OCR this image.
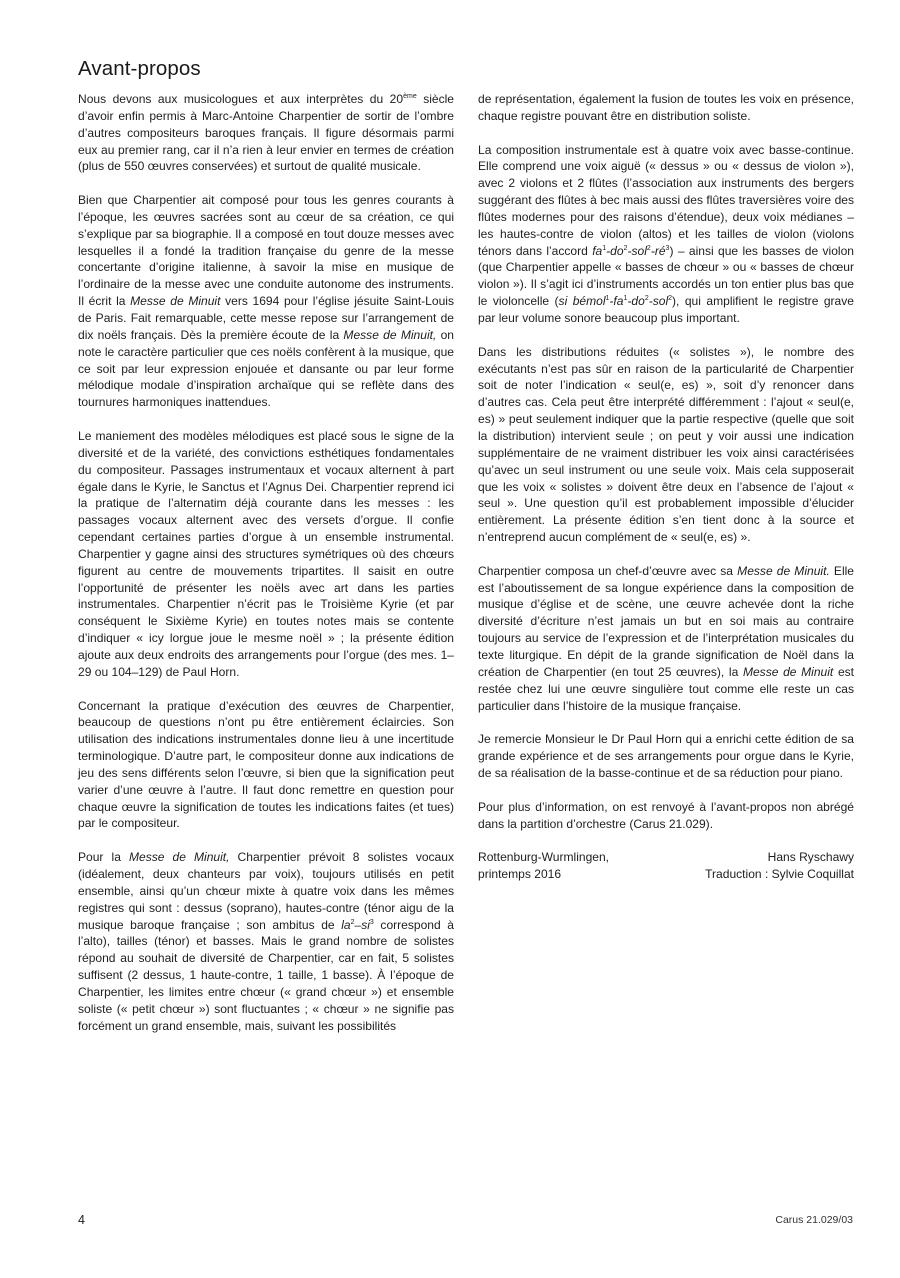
Avant-propos

Nous devons aux musicologues et aux interprètes du 20ème siècle d’avoir enfin permis à Marc-Antoine Charpentier de sortir de l’ombre d’autres compositeurs baroques français. Il figure désormais parmi eux au premier rang, car il n’a rien à leur envier en termes de création (plus de 550 œuvres conservées) et surtout de qualité musicale.

Bien que Charpentier ait composé pour tous les genres courants à l’époque, les œuvres sacrées sont au cœur de sa création, ce qui s’explique par sa biographie. Il a composé en tout douze messes avec lesquelles il a fondé la tradition française du genre de la messe concertante d’origine italienne, à savoir la mise en musique de l’ordinaire de la messe avec une conduite autonome des instruments. Il écrit la Messe de Minuit vers 1694 pour l’église jésuite Saint-Louis de Paris. Fait remarquable, cette messe repose sur l’arrangement de dix noëls français. Dès la première écoute de la Messe de Minuit, on note le caractère particulier que ces noëls confèrent à la musique, que ce soit par leur expression enjouée et dansante ou par leur forme mélodique modale d’inspiration archaïque qui se reflète dans des tournures harmoniques inattendues.

Le maniement des modèles mélodiques est placé sous le signe de la diversité et de la variété, des convictions esthétiques fondamentales du compositeur. Passages instrumentaux et vocaux alternent à part égale dans le Kyrie, le Sanctus et l’Agnus Dei. Charpentier reprend ici la pratique de l’alternatim déjà courante dans les messes : les passages vocaux alternent avec des versets d’orgue. Il confie cependant certaines parties d’orgue à un ensemble instrumental. Charpentier y gagne ainsi des structures symétriques où des chœurs figurent au centre de mouvements tripartites. Il saisit en outre l’opportunité de présenter les noëls avec art dans les parties instrumentales. Charpentier n’écrit pas le Troisième Kyrie (et par conséquent le Sixième Kyrie) en toutes notes mais se contente d’indiquer « icy lorgue joue le mesme noël » ; la présente édition ajoute aux deux endroits des arrangements pour l’orgue (des mes. 1–29 ou 104–129) de Paul Horn.

Concernant la pratique d’exécution des œuvres de Charpentier, beaucoup de questions n’ont pu être entièrement éclaircies. Son utilisation des indications instrumentales donne lieu à une incertitude terminologique. D’autre part, le compositeur donne aux indications de jeu des sens différents selon l’œuvre, si bien que la signification peut varier d’une œuvre à l’autre. Il faut donc remettre en question pour chaque œuvre la signification de toutes les indications faites (et tues) par le compositeur.

Pour la Messe de Minuit, Charpentier prévoit 8 solistes vocaux (idéalement, deux chanteurs par voix), toujours utilisés en petit ensemble, ainsi qu’un chœur mixte à quatre voix dans les mêmes registres qui sont : dessus (soprano), hautes-contre (ténor aigu de la musique baroque française ; son ambitus de $la^2-si^3$ correspond à l’alto), tailles (ténor) et basses. Mais le grand nombre de solistes répond au souhait de diversité de Charpentier, car en fait, 5 solistes suffisent (2 dessus, 1 haute-contre, 1 taille, 1 basse). À l’époque de Charpentier, les limites entre chœur (« grand chœur ») et ensemble soliste (« petit chœur ») sont fluctuantes ; « chœur » ne signifie pas forcément un grand ensemble, mais, suivant les possibilités

de représentation, également la fusion de toutes les voix en présence, chaque registre pouvant être en distribution soliste.

La composition instrumentale est à quatre voix avec basse-continue. Elle comprend une voix aiguë (« dessus » ou « dessus de violon »), avec 2 violons et 2 flûtes (l’association aux instruments des bergers suggérant des flûtes à bec mais aussi des flûtes traversières voire des flûtes modernes pour des raisons d’étendue), deux voix médianes – les hautes-contre de violon (altos) et les tailles de violon (violons ténors dans l’accord $fa^1-do^2-sol^2-ré^3$) – ainsi que les basses de violon (que Charpentier appelle « basses de chœur » ou « basses de chœur violon »). Il s’agit ici d’instruments accordés un ton entier plus bas que le violoncelle (si $bémol^1-fa^1-do^2-sol^2$), qui amplifient le registre grave par leur volume sonore beaucoup plus important.

Dans les distributions réduites (« solistes »), le nombre des exécutants n’est pas sûr en raison de la particularité de Charpentier soit de noter l’indication « seul(e, es) », soit d’y renoncer dans d’autres cas. Cela peut être interprété différemment : l’ajout « seul(e, es) » peut seulement indiquer que la partie respective (quelle que soit la distribution) intervient seule ; on peut y voir aussi une indication supplémentaire de ne vraiment distribuer les voix ainsi caractérisées qu’avec un seul instrument ou une seule voix. Mais cela supposerait que les voix « solistes » doivent être deux en l’absence de l’ajout « seul ». Une question qu’il est probablement impossible d’élucider entièrement. La présente édition s’en tient donc à la source et n’entreprend aucun complément de « seul(e, es) ».

Charpentier composa un chef-d’œuvre avec sa Messe de Minuit. Elle est l’aboutissement de sa longue expérience dans la composition de musique d’église et de scène, une œuvre achevée dont la riche diversité d’écriture n’est jamais un but en soi mais au contraire toujours au service de l’expression et de l’interprétation musicales du texte liturgique. En dépit de la grande signification de Noël dans la création de Charpentier (en tout 25 œuvres), la Messe de Minuit est restée chez lui une œuvre singulière tout comme elle reste un cas particulier dans l’histoire de la musique française.

Je remercie Monsieur le Dr Paul Horn qui a enrichi cette édition de sa grande expérience et de ses arrangements pour orgue dans le Kyrie, de sa réalisation de la basse-continue et de sa réduction pour piano.

Pour plus d’information, on est renvoyé à l’avant-propos non abrégé dans la partition d’orchestre (Carus 21.029).

Rottenburg-Wurmlingen,
printemps 2016
Hans Ryschawy
Traduction : Sylvie Coquillat
4	Carus 21.029/03
